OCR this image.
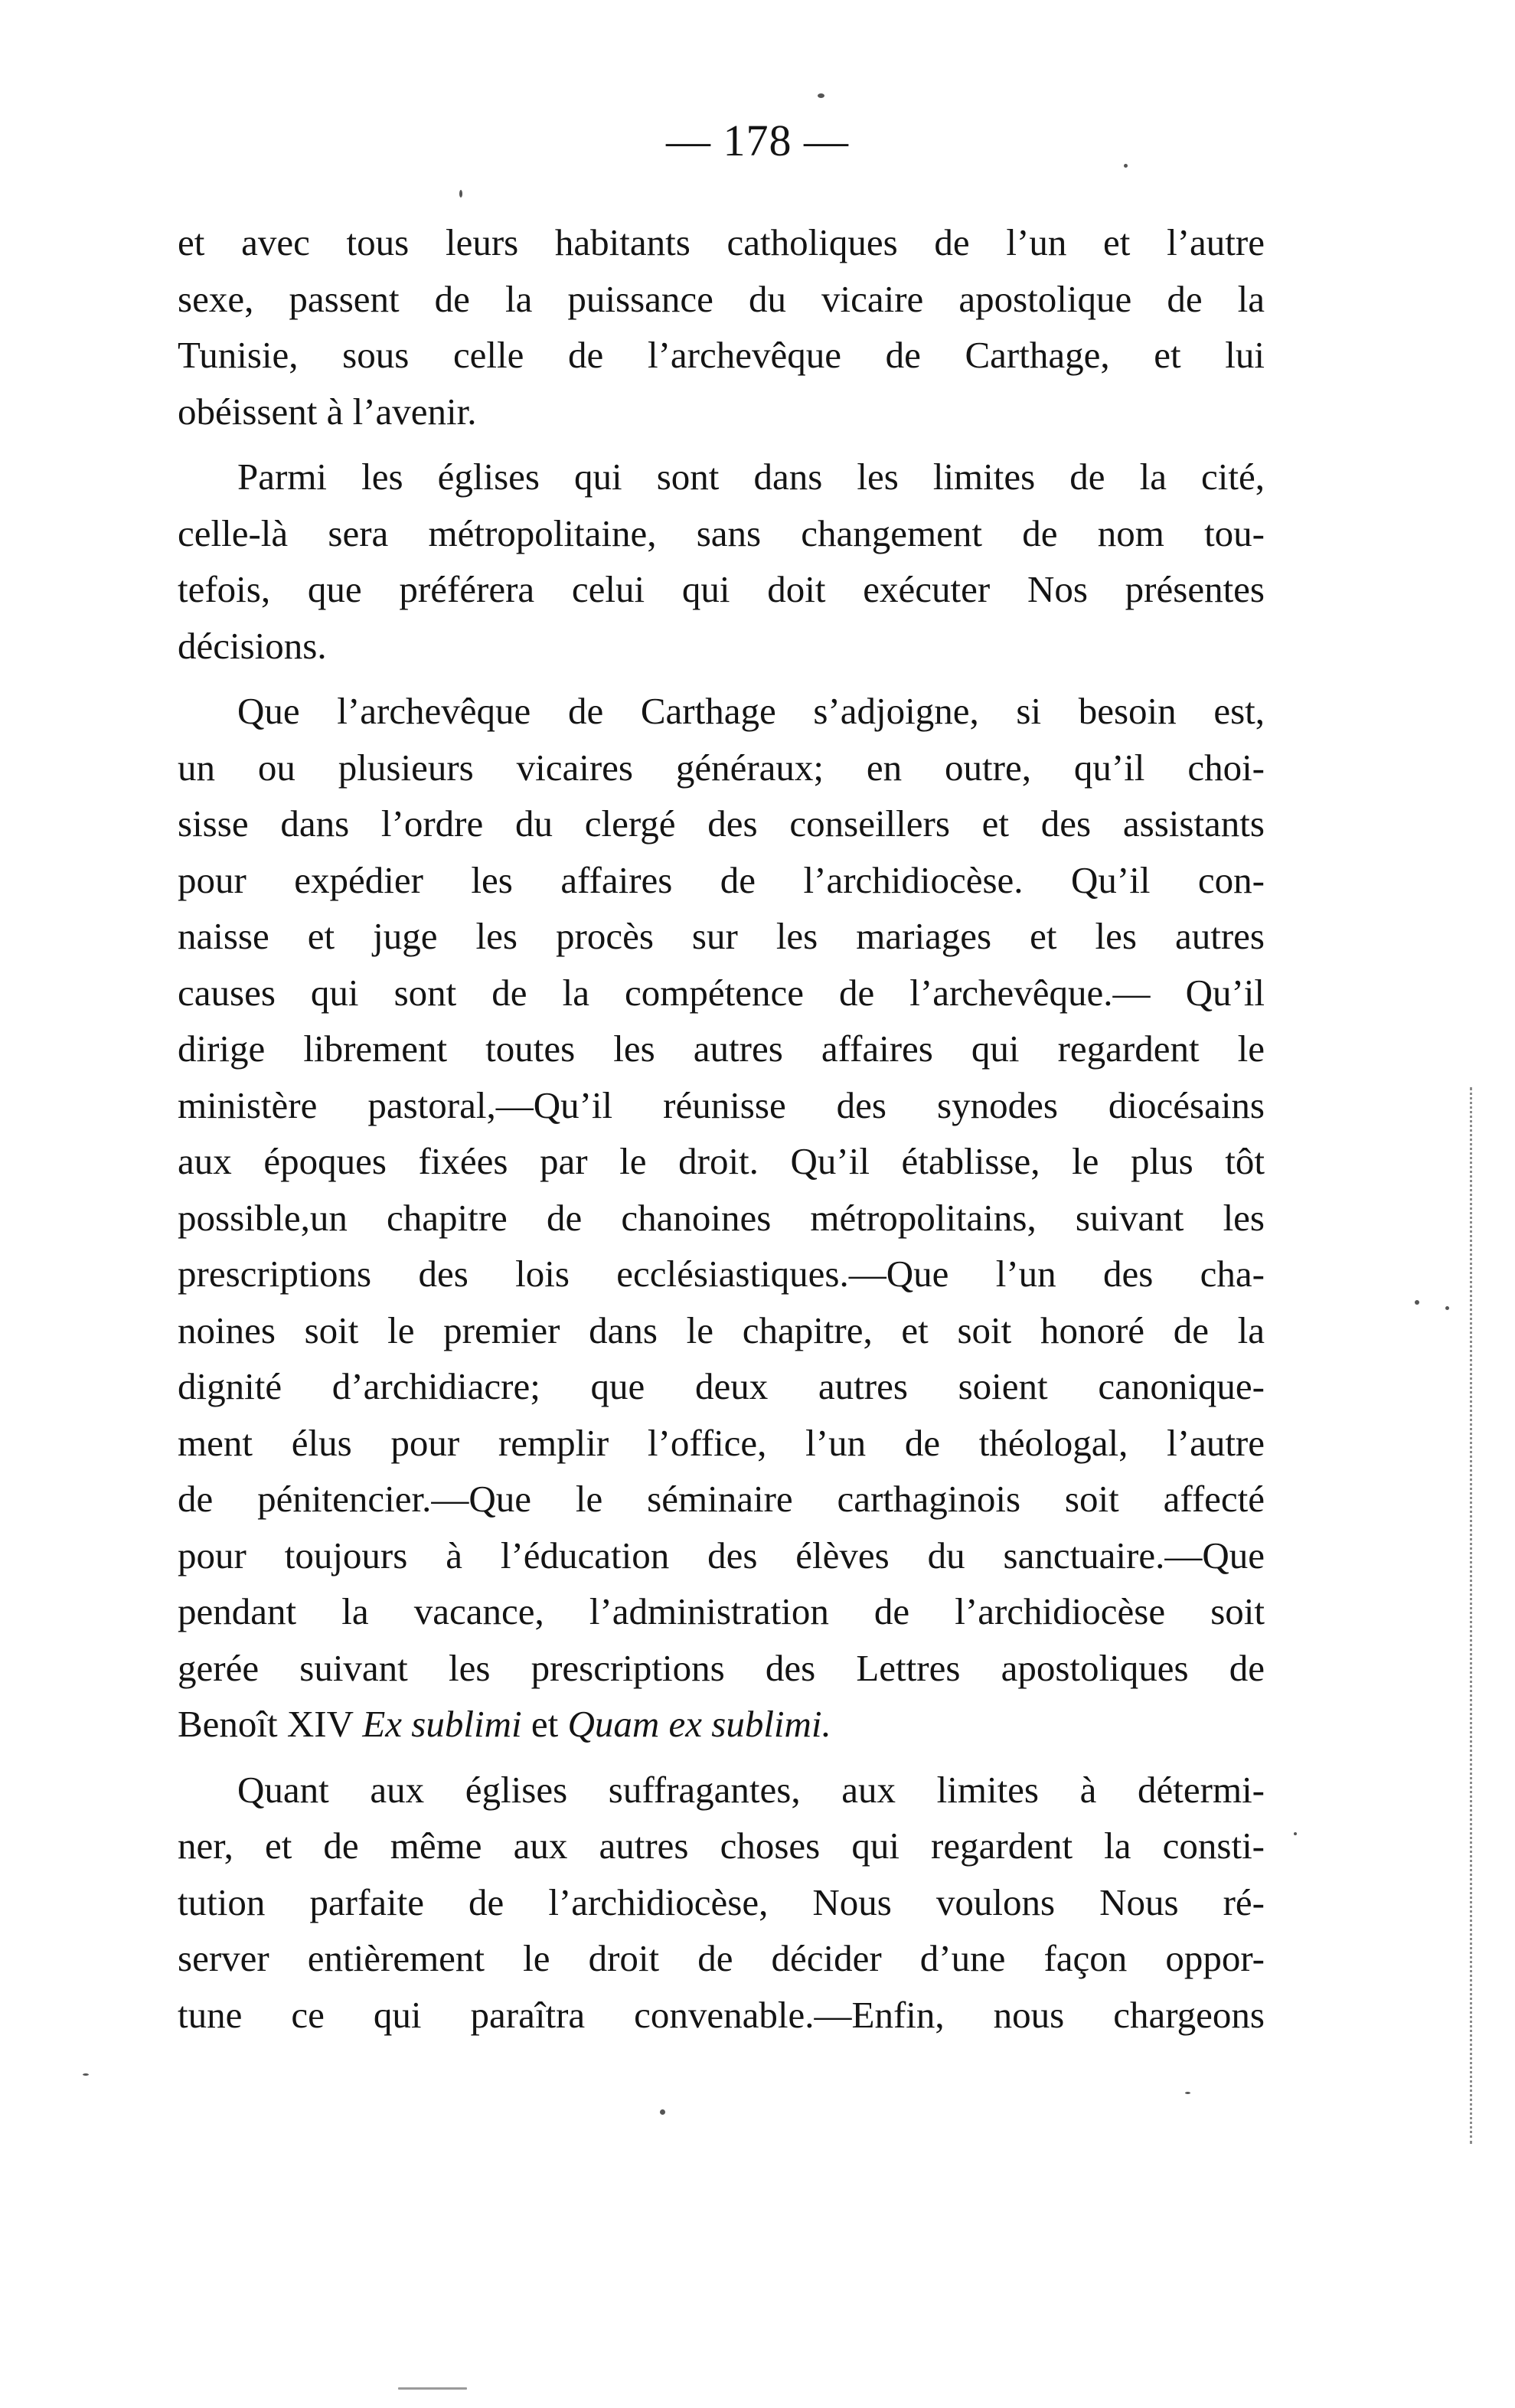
— 178 —
et avec tous leurs habitants catholiques de l’un et l’autre
sexe, passent de la puissance du vicaire apostolique de la
Tunisie, sous celle de l’archevêque de Carthage, et lui
obéissent à l’avenir.
Parmi les églises qui sont dans les limites de la cité,
celle-là sera métropolitaine, sans changement de nom tou-
tefois, que préférera celui qui doit exécuter Nos présentes
décisions.
Que l’archevêque de Carthage s’adjoigne, si besoin est,
un ou plusieurs vicaires généraux; en outre, qu’il choi-
sisse dans l’ordre du clergé des conseillers et des assistants
pour expédier les affaires de l’archidiocèse. Qu’il con-
naisse et juge les procès sur les mariages et les autres
causes qui sont de la compétence de l’archevêque.— Qu’il
dirige librement toutes les autres affaires qui regardent le
ministère pastoral,—Qu’il réunisse des synodes diocésains
aux époques fixées par le droit. Qu’il établisse, le plus tôt
possible,un chapitre de chanoines métropolitains, suivant les
prescriptions des lois ecclésiastiques.—Que l’un des cha-
noines soit le premier dans le chapitre, et soit honoré de la
dignité d’archidiacre; que deux autres soient canonique-
ment élus pour remplir l’office, l’un de théologal, l’autre
de pénitencier.—Que le séminaire carthaginois soit affecté
pour toujours à l’éducation des élèves du sanctuaire.—Que
pendant la vacance, l’administration de l’archidiocèse soit
gerée suivant les prescriptions des Lettres apostoliques de
Benoît XIV Ex sublimi et Quam ex sublimi.
Quant aux églises suffragantes, aux limites à détermi-
ner, et de même aux autres choses qui regardent la consti-
tution parfaite de l’archidiocèse, Nous voulons Nous ré-
server entièrement le droit de décider d’une façon oppor-
tune ce qui paraîtra convenable.—Enfin, nous chargeons
